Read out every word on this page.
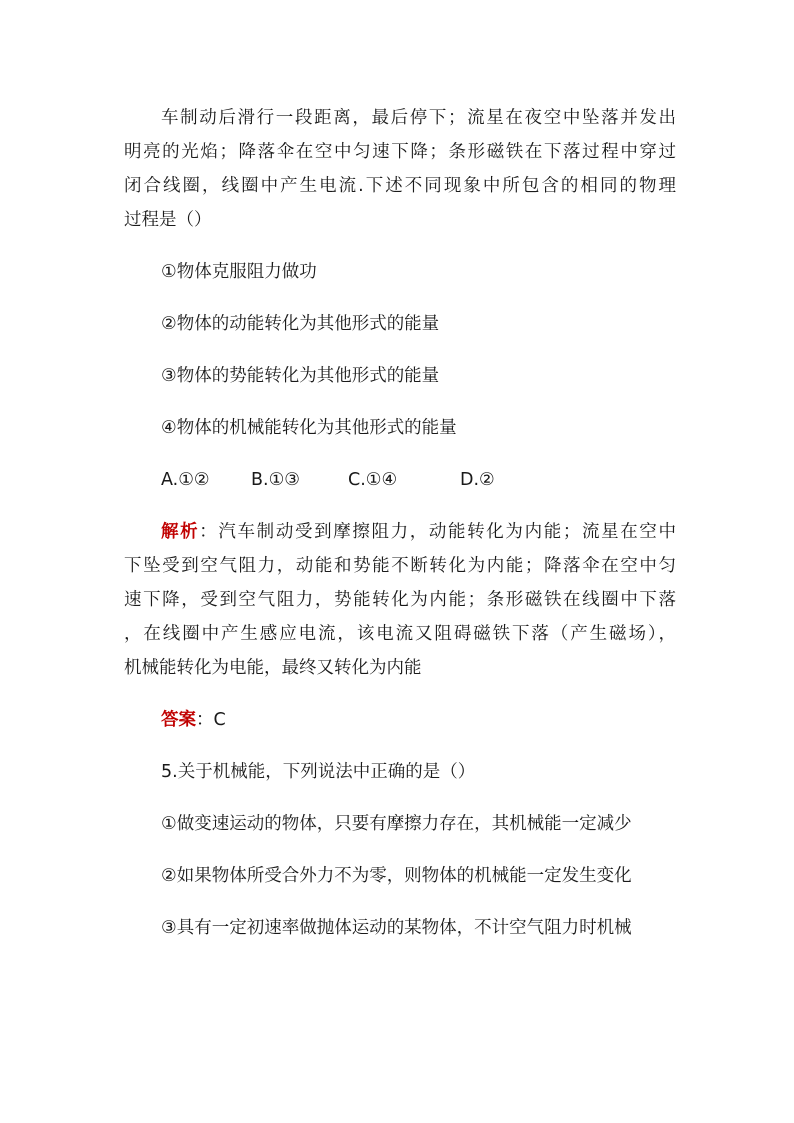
车制动后滑行一段距离，最后停下；流星在夜空中坠落并发出
明亮的光焰；降落伞在空中匀速下降；条形磁铁在下落过程中穿过
闭合线圈，线圈中产生电流.下述不同现象中所包含的相同的物理
过程是（）
①物体克服阻力做功
②物体的动能转化为其他形式的能量
③物体的势能转化为其他形式的能量
④物体的机械能转化为其他形式的能量
A.①②	B.①③	C.①④	D.②
解析：汽车制动受到摩擦阻力，动能转化为内能；流星在空中
下坠受到空气阻力，动能和势能不断转化为内能；降落伞在空中匀
速下降，受到空气阻力，势能转化为内能；条形磁铁在线圈中下落
，在线圈中产生感应电流，该电流又阻碍磁铁下落（产生磁场），
机械能转化为电能，最终又转化为内能
答案：C
5.关于机械能，下列说法中正确的是（）
①做变速运动的物体，只要有摩擦力存在，其机械能一定减少
②如果物体所受合外力不为零，则物体的机械能一定发生变化
③具有一定初速率做抛体运动的某物体，不计空气阻力时机械
